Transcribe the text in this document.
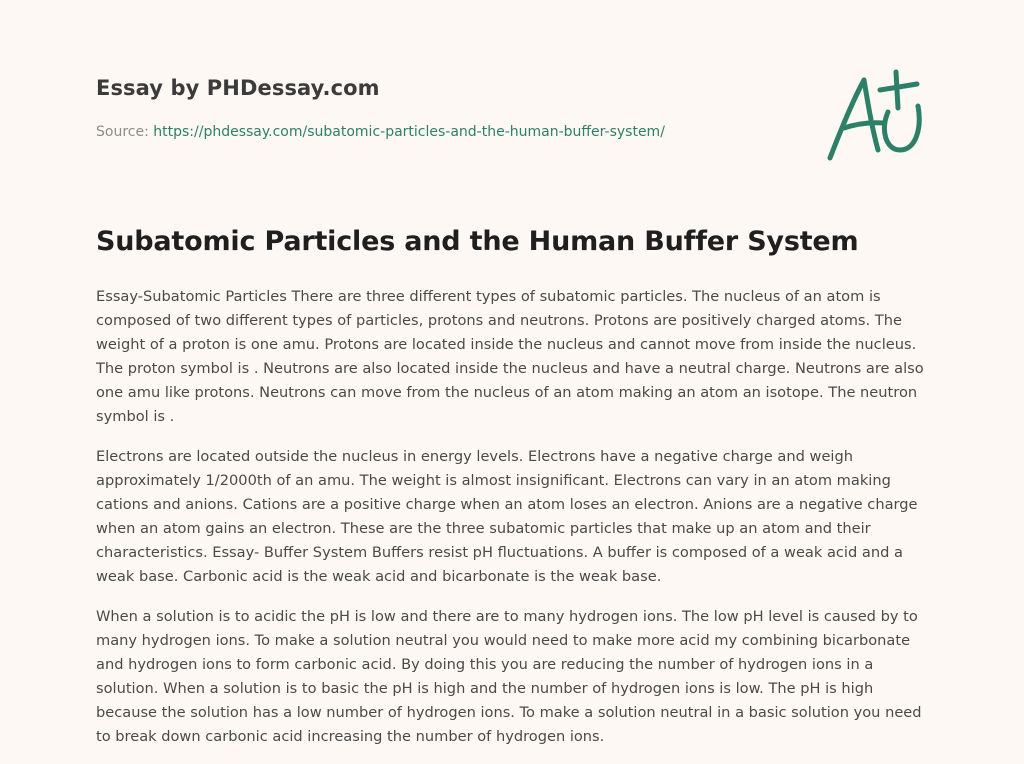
Essay by PHDessay.com

Source: https://phdessay.com/subatomic-particles-and-the-human-buffer-system/

Subatomic Particles and the Human Buffer System

Essay-Subatomic Particles There are three different types of subatomic particles. The nucleus of an atom is composed of two different types of particles, protons and neutrons. Protons are positively charged atoms. The weight of a proton is one amu. Protons are located inside the nucleus and cannot move from inside the nucleus. The proton symbol is . Neutrons are also located inside the nucleus and have a neutral charge. Neutrons are also one amu like protons. Neutrons can move from the nucleus of an atom making an atom an isotope. The neutron symbol is .

Electrons are located outside the nucleus in energy levels. Electrons have a negative charge and weigh approximately 1/2000th of an amu. The weight is almost insignificant. Electrons can vary in an atom making cations and anions. Cations are a positive charge when an atom loses an electron. Anions are a negative charge when an atom gains an electron. These are the three subatomic particles that make up an atom and their characteristics. Essay- Buffer System Buffers resist pH fluctuations. A buffer is composed of a weak acid and a weak base. Carbonic acid is the weak acid and bicarbonate is the weak base.

When a solution is to acidic the pH is low and there are to many hydrogen ions. The low pH level is caused by to many hydrogen ions. To make a solution neutral you would need to make more acid my combining bicarbonate and hydrogen ions to form carbonic acid. By doing this you are reducing the number of hydrogen ions in a solution. When a solution is to basic the pH is high and the number of hydrogen ions is low. The pH is high because the solution has a low number of hydrogen ions. To make a solution neutral in a basic solution you need to break down carbonic acid increasing the number of hydrogen ions.
